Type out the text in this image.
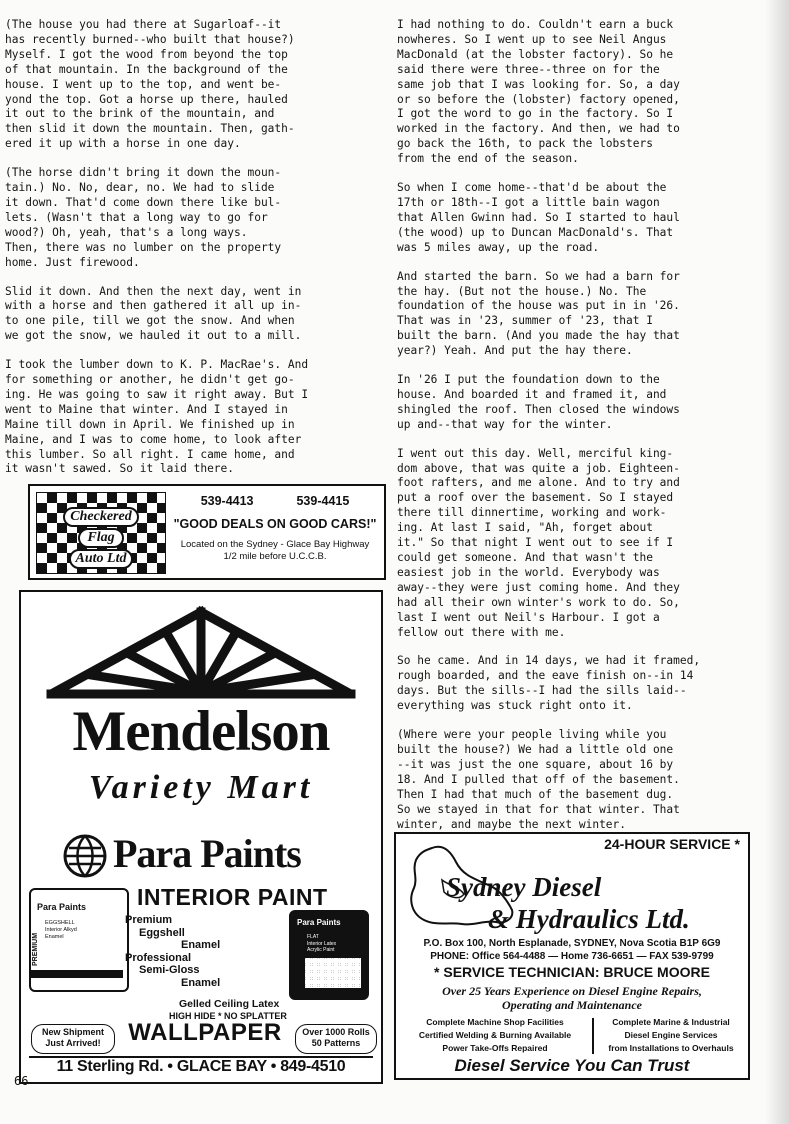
(The house you had there at Sugarloaf--it
has recently burned--who built that house?)
Myself. I got the wood from beyond the top
of that mountain. In the background of the
house. I went up to the top, and went be-
yond the top. Got a horse up there, hauled
it out to the brink of the mountain, and
then slid it down the mountain. Then, gath-
ered it up with a horse in one day.

(The horse didn't bring it down the moun-
tain.) No. No, dear, no. We had to slide
it down. That'd come down there like bul-
lets. (Wasn't that a long way to go for
wood?) Oh, yeah, that's a long ways.
Then, there was no lumber on the property
home. Just firewood.

Slid it down. And then the next day, went in
with a horse and then gathered it all up in-
to one pile, till we got the snow. And when
we got the snow, we hauled it out to a mill.

I took the lumber down to K. P. MacRae's. And
for something or another, he didn't get go-
ing. He was going to saw it right away. But I
went to Maine that winter. And I stayed in
Maine till down in April. We finished up in
Maine, and I was to come home, to look after
this lumber. So all right. I came home, and
it wasn't sawed. So it laid there.

I had nothing to do. Couldn't earn a buck
nowheres. So I went up to see Neil Angus
MacDonald (at the lobster factory). So he
said there were three--three on for the
same job that I was looking for. So, a day
or so before the (lobster) factory opened,
I got the word to go in the factory. So I
worked in the factory. And then, we had to
go back the 16th, to pack the lobsters
from the end of the season.

So when I come home--that'd be about the
17th or 18th--I got a little bain wagon
that Allen Gwinn had. So I started to haul
(the wood) up to Duncan MacDonald's. That
was 5 miles away, up the road.

And started the barn. So we had a barn for
the hay. (But not the house.) No. The
foundation of the house was put in in '26.
That was in '23, summer of '23, that I
built the barn. (And you made the hay that
year?) Yeah. And put the hay there.

In '26 I put the foundation down to the
house. And boarded it and framed it, and
shingled the roof. Then closed the windows
up and--that way for the winter.

I went out this day. Well, merciful king-
dom above, that was quite a job. Eighteen-
foot rafters, and me alone. And to try and
put a roof over the basement. So I stayed
there till dinnertime, working and work-
ing. At last I said, "Ah, forget about
it." So that night I went out to see if I
could get someone. And that wasn't the
easiest job in the world. Everybody was
away--they were just coming home. And they
had all their own winter's work to do. So,
last I went out Neil's Harbour. I got a
fellow out there with me.

So he came. And in 14 days, we had it framed,
rough boarded, and the eave finish on--in 14
days. But the sills--I had the sills laid--
everything was stuck right onto it.

(Where were your people living while you
built the house?) We had a little old one
--it was just the one square, about 16 by
18. And I pulled that off of the basement.
Then I had that much of the basement dug.
So we stayed in that for that winter. That
winter, and maybe the next winter.

Checkered
Flag
Auto Ltd
539-4413	539-4415
"GOOD DEALS ON GOOD CARS!"
Located on the Sydney - Glace Bay Highway
1/2 mile before U.C.C.B.
Mendelson
Variety Mart
Para Paints
INTERIOR PAINT
Para Paints
PREMIUM
EGGSHELL
Interior Alkyd
Enamel
Premium
Eggshell
Enamel
Professional
Semi-Gloss
Enamel
Para Paints
FLAT
Interior Latex
Acrylic Paint
Gelled Ceiling Latex
HIGH HIDE * NO SPLATTER
New Shipment
Just Arrived!	WALLPAPER	Over 1000 Rolls
50 Patterns
11 Sterling Rd. • GLACE BAY • 849-4510
24-HOUR SERVICE *
Sydney Diesel
& Hydraulics Ltd.
P.O. Box 100, North Esplanade, SYDNEY, Nova Scotia B1P 6G9
PHONE: Office 564-4488 — Home 736-6651 — FAX 539-9799
* SERVICE TECHNICIAN: BRUCE MOORE
Over 25 Years Experience on Diesel Engine Repairs,
Operating and Maintenance
Complete Machine Shop Facilities
Certified Welding & Burning Available
Power Take-Offs Repaired
Complete Marine & Industrial
Diesel Engine Services
from Installations to Overhauls
Diesel Service You Can Trust
66
